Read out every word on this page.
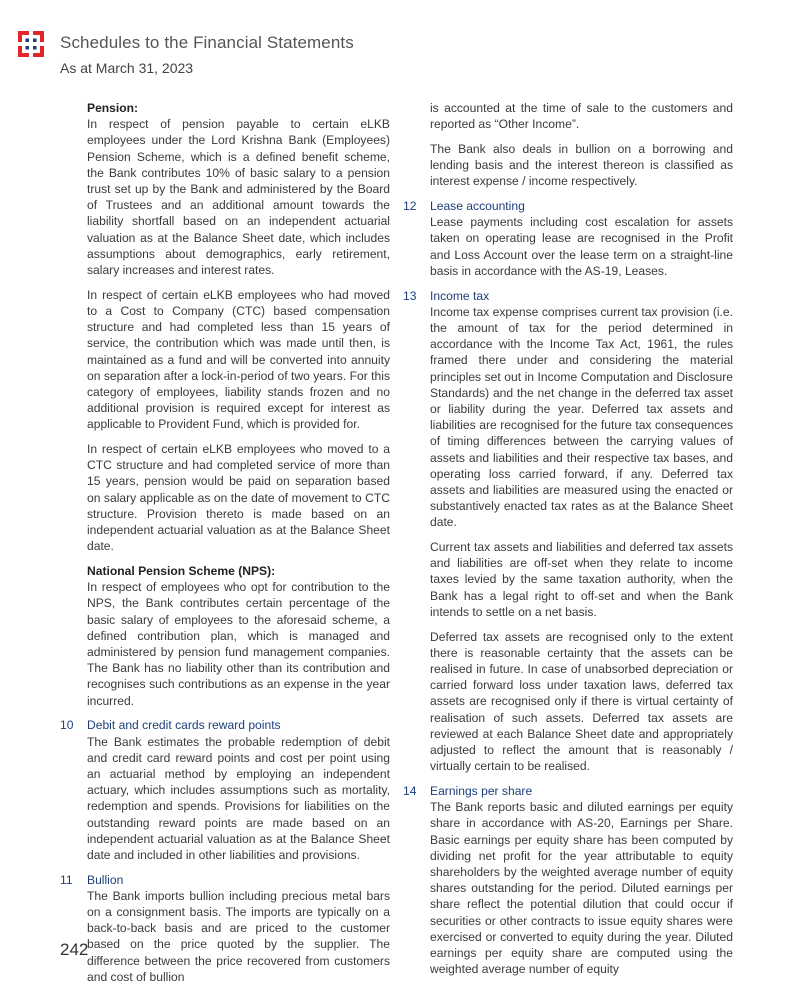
Schedules to the Financial Statements
As at March 31, 2023
Pension:

In respect of pension payable to certain eLKB employees under the Lord Krishna Bank (Employees) Pension Scheme, which is a defined benefit scheme, the Bank contributes 10% of basic salary to a pension trust set up by the Bank and administered by the Board of Trustees and an additional amount towards the liability shortfall based on an independent actuarial valuation as at the Balance Sheet date, which includes assumptions about demographics, early retirement, salary increases and interest rates.

In respect of certain eLKB employees who had moved to a Cost to Company (CTC) based compensation structure and had completed less than 15 years of service, the contribution which was made until then, is maintained as a fund and will be converted into annuity on separation after a lock-in-period of two years. For this category of employees, liability stands frozen and no additional provision is required except for interest as applicable to Provident Fund, which is provided for.

In respect of certain eLKB employees who moved to a CTC structure and had completed service of more than 15 years, pension would be paid on separation based on salary applicable as on the date of movement to CTC structure. Provision thereto is made based on an independent actuarial valuation as at the Balance Sheet date.

National Pension Scheme (NPS):

In respect of employees who opt for contribution to the NPS, the Bank contributes certain percentage of the basic salary of employees to the aforesaid scheme, a defined contribution plan, which is managed and administered by pension fund management companies. The Bank has no liability other than its contribution and recognises such contributions as an expense in the year incurred.

10	Debit and credit cards reward points

The Bank estimates the probable redemption of debit and credit card reward points and cost per point using an actuarial method by employing an independent actuary, which includes assumptions such as mortality, redemption and spends. Provisions for liabilities on the outstanding reward points are made based on an independent actuarial valuation as at the Balance Sheet date and included in other liabilities and provisions.

11	Bullion

The Bank imports bullion including precious metal bars on a consignment basis. The imports are typically on a back-to-back basis and are priced to the customer based on the price quoted by the supplier. The difference between the price recovered from customers and cost of bullion

is accounted at the time of sale to the customers and reported as “Other Income”.

The Bank also deals in bullion on a borrowing and lending basis and the interest thereon is classified as interest expense / income respectively.

12	Lease accounting

Lease payments including cost escalation for assets taken on operating lease are recognised in the Profit and Loss Account over the lease term on a straight-line basis in accordance with the AS-19, Leases.

13	Income tax

Income tax expense comprises current tax provision (i.e. the amount of tax for the period determined in accordance with the Income Tax Act, 1961, the rules framed there under and considering the material principles set out in Income Computation and Disclosure Standards) and the net change in the deferred tax asset or liability during the year. Deferred tax assets and liabilities are recognised for the future tax consequences of timing differences between the carrying values of assets and liabilities and their respective tax bases, and operating loss carried forward, if any. Deferred tax assets and liabilities are measured using the enacted or substantively enacted tax rates as at the Balance Sheet date.

Current tax assets and liabilities and deferred tax assets and liabilities are off-set when they relate to income taxes levied by the same taxation authority, when the Bank has a legal right to off-set and when the Bank intends to settle on a net basis.

Deferred tax assets are recognised only to the extent there is reasonable certainty that the assets can be realised in future. In case of unabsorbed depreciation or carried forward loss under taxation laws, deferred tax assets are recognised only if there is virtual certainty of realisation of such assets. Deferred tax assets are reviewed at each Balance Sheet date and appropriately adjusted to reflect the amount that is reasonably / virtually certain to be realised.

14	Earnings per share

The Bank reports basic and diluted earnings per equity share in accordance with AS-20, Earnings per Share. Basic earnings per equity share has been computed by dividing net profit for the year attributable to equity shareholders by the weighted average number of equity shares outstanding for the period. Diluted earnings per share reflect the potential dilution that could occur if securities or other contracts to issue equity shares were exercised or converted to equity during the year. Diluted earnings per equity share are computed using the weighted average number of equity

242
